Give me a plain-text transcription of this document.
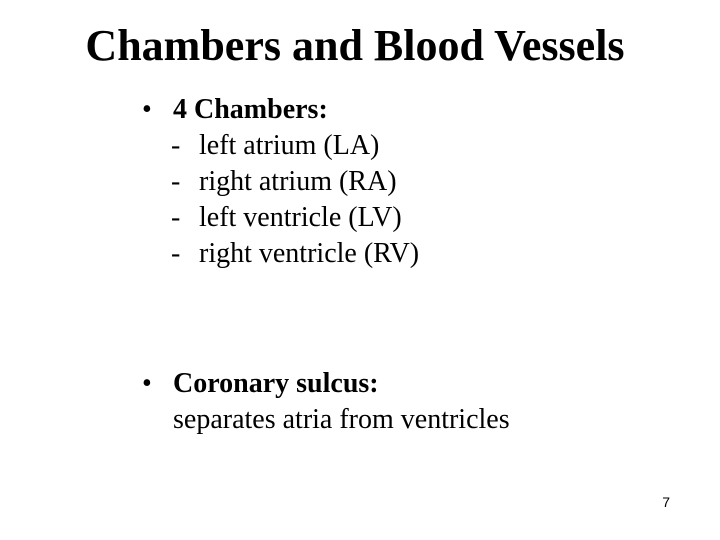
Chambers and Blood Vessels
• 4 Chambers:
- left atrium (LA)
- right atrium (RA)
- left ventricle (LV)
- right ventricle (RV)
• Coronary sulcus:
separates atria from ventricles
7
